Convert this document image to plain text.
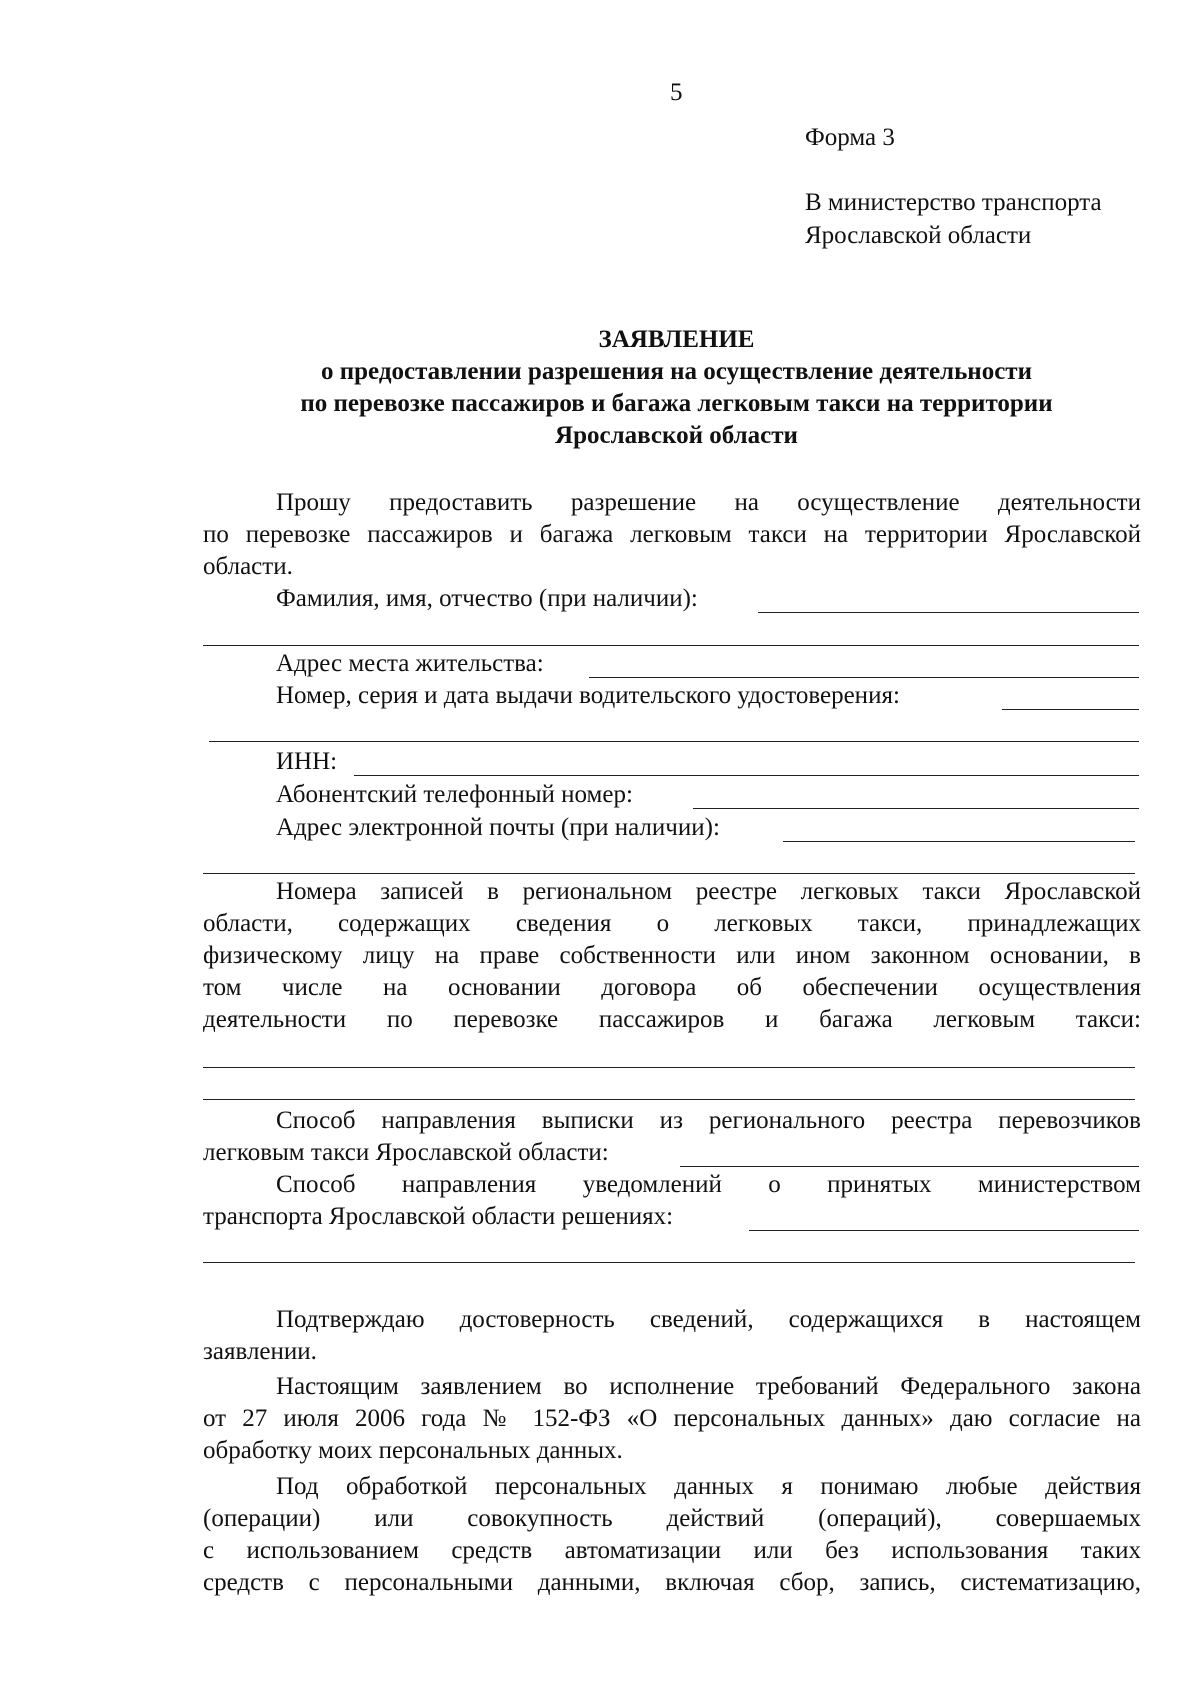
5
Форма 3
В министерство транспорта
Ярославской области
ЗАЯВЛЕНИЕ
о предоставлении разрешения на осуществление деятельности
по перевозке пассажиров и багажа легковым такси на территории
Ярославской области
Прошу предоставить разрешение на осуществление деятельности
по перевозке пассажиров и багажа легковым такси на территории Ярославской
области.
Фамилия, имя, отчество (при наличии):
Адрес места жительства:
Номер, серия и дата выдачи водительского удостоверения:
ИНН:
Абонентский телефонный номер:
Адрес электронной почты (при наличии):
Номера записей в региональном реестре легковых такси Ярославской
области, содержащих сведения о легковых такси, принадлежащих
физическому лицу на праве собственности или ином законном основании, в
том числе на основании договора об обеспечении осуществления
деятельности по перевозке пассажиров и багажа легковым такси:
Способ направления выписки из регионального реестра перевозчиков
легковым такси Ярославской области:
Способ направления уведомлений о принятых министерством
транспорта Ярославской области решениях:
Подтверждаю достоверность сведений, содержащихся в настоящем
заявлении.
Настоящим заявлением во исполнение требований Федерального закона
от 27 июля 2006 года № 152-ФЗ «О персональных данных» даю согласие на
обработку моих персональных данных.
Под обработкой персональных данных я понимаю любые действия
(операции) или совокупность действий (операций), совершаемых
с использованием средств автоматизации или без использования таких
средств с персональными данными, включая сбор, запись, систематизацию,
